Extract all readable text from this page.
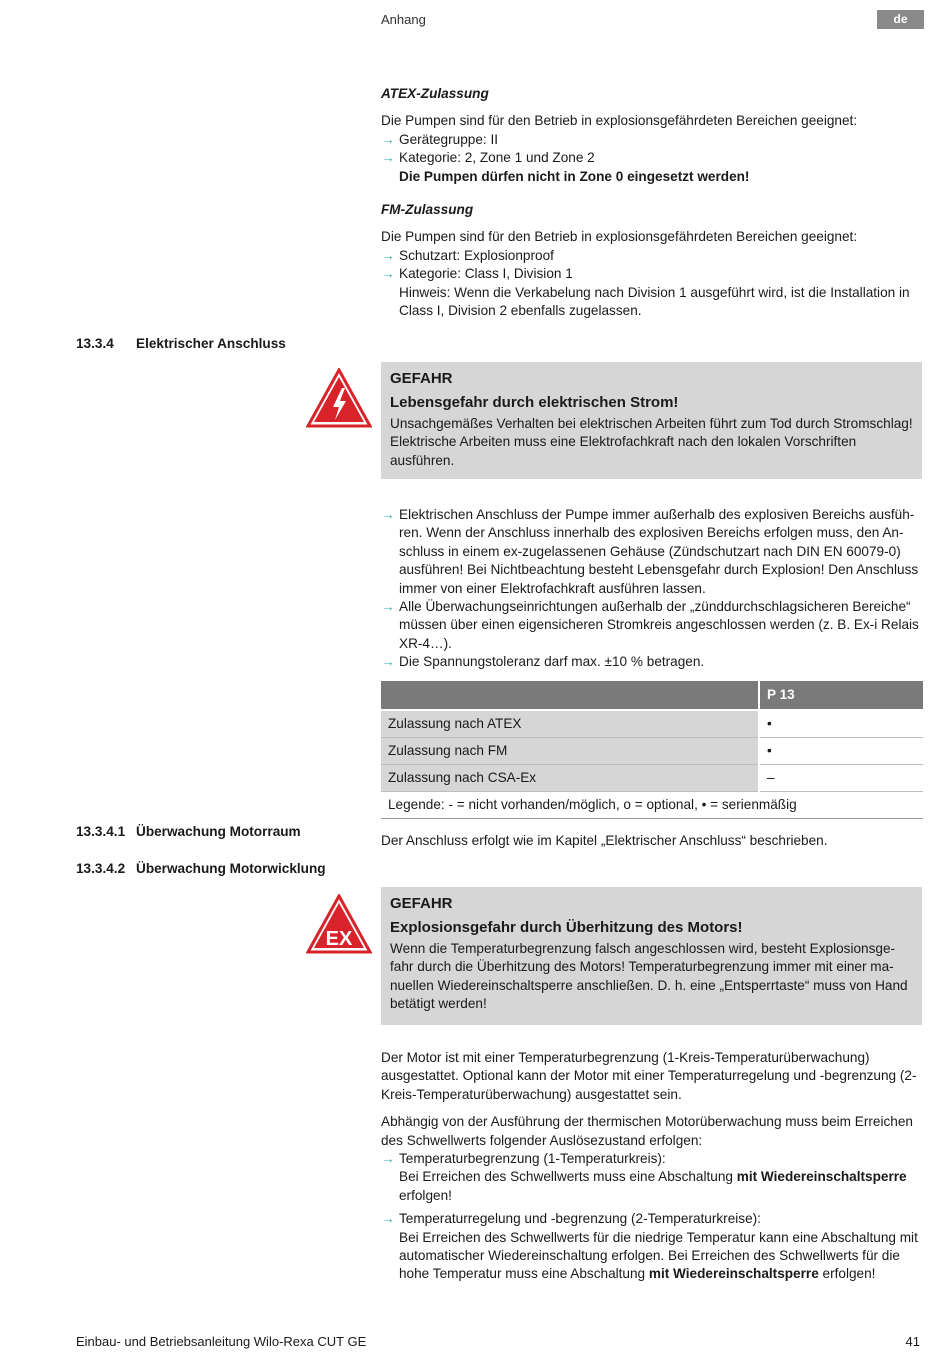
Anhang	de
ATEX-Zulassung

Die Pumpen sind für den Betrieb in explosionsgefährdeten Bereichen geeignet:

→ Gerätegruppe: II
→ Kategorie: 2, Zone 1 und Zone 2
Die Pumpen dürfen nicht in Zone 0 eingesetzt werden!
FM-Zulassung

Die Pumpen sind für den Betrieb in explosionsgefährdeten Bereichen geeignet:

→ Schutzart: Explosionproof
→ Kategorie: Class I, Division 1
Hinweis: Wenn die Verkabelung nach Division 1 ausgeführt wird, ist die Installation in Class I, Division 2 ebenfalls zugelassen.
13.3.4 Elektrischer Anschluss
GEFAHR
Lebensgefahr durch elektrischen Strom!
Unsachgemäßes Verhalten bei elektrischen Arbeiten führt zum Tod durch Stromschlag! Elektrische Arbeiten muss eine Elektrofachkraft nach den lokalen Vorschriften ausführen.
→ Elektrischen Anschluss der Pumpe immer außerhalb des explosiven Bereichs ausführen. Wenn der Anschluss innerhalb des explosiven Bereichs erfolgen muss, den Anschluss in einem ex-zugelassenen Gehäuse (Zündschutzart nach DIN EN 60079-0) ausführen! Bei Nichtbeachtung besteht Lebensgefahr durch Explosion! Den Anschluss immer von einer Elektrofachkraft ausführen lassen.
→ Alle Überwachungseinrichtungen außerhalb der „zünddurchschlagsicheren Bereiche“ müssen über einen eigensicheren Stromkreis angeschlossen werden (z. B. Ex-i Relais XR-4…).
→ Die Spannungstoleranz darf max. ±10 % betragen.
	P 13
Zulassung nach ATEX	•
Zulassung nach FM	•
Zulassung nach CSA-Ex	–
Legende: - = nicht vorhanden/möglich, o = optional, • = serienmäßig	
13.3.4.1 Überwachung Motorraum
Der Anschluss erfolgt wie im Kapitel „Elektrischer Anschluss“ beschrieben.
13.3.4.2 Überwachung Motorwicklung
EX
GEFAHR
Explosionsgefahr durch Überhitzung des Motors!
Wenn die Temperaturbegrenzung falsch angeschlossen wird, besteht Explosionsgefahr durch die Überhitzung des Motors! Temperaturbegrenzung immer mit einer manuellen Wiedereinschaltsperre anschließen. D. h. eine „Entsperrtaste“ muss von Hand betätigt werden!

Der Motor ist mit einer Temperaturbegrenzung (1-Kreis-Temperaturüberwachung) ausgestattet. Optional kann der Motor mit einer Temperaturregelung und -begrenzung (2-Kreis-Temperaturüberwachung) ausgestattet sein.

Abhängig von der Ausführung der thermischen Motorüberwachung muss beim Erreichen des Schwellwerts folgender Auslösezustand erfolgen:

→ Temperaturbegrenzung (1-Temperaturkreis):
Bei Erreichen des Schwellwerts muss eine Abschaltung mit Wiedereinschaltsperre erfolgen!
→ Temperaturregelung und -begrenzung (2-Temperaturkreise):
Bei Erreichen des Schwellwerts für die niedrige Temperatur kann eine Abschaltung mit automatischer Wiedereinschaltung erfolgen. Bei Erreichen des Schwellwerts für die hohe Temperatur muss eine Abschaltung mit Wiedereinschaltsperre erfolgen!
Einbau- und Betriebsanleitung Wilo-Rexa CUT GE	41
